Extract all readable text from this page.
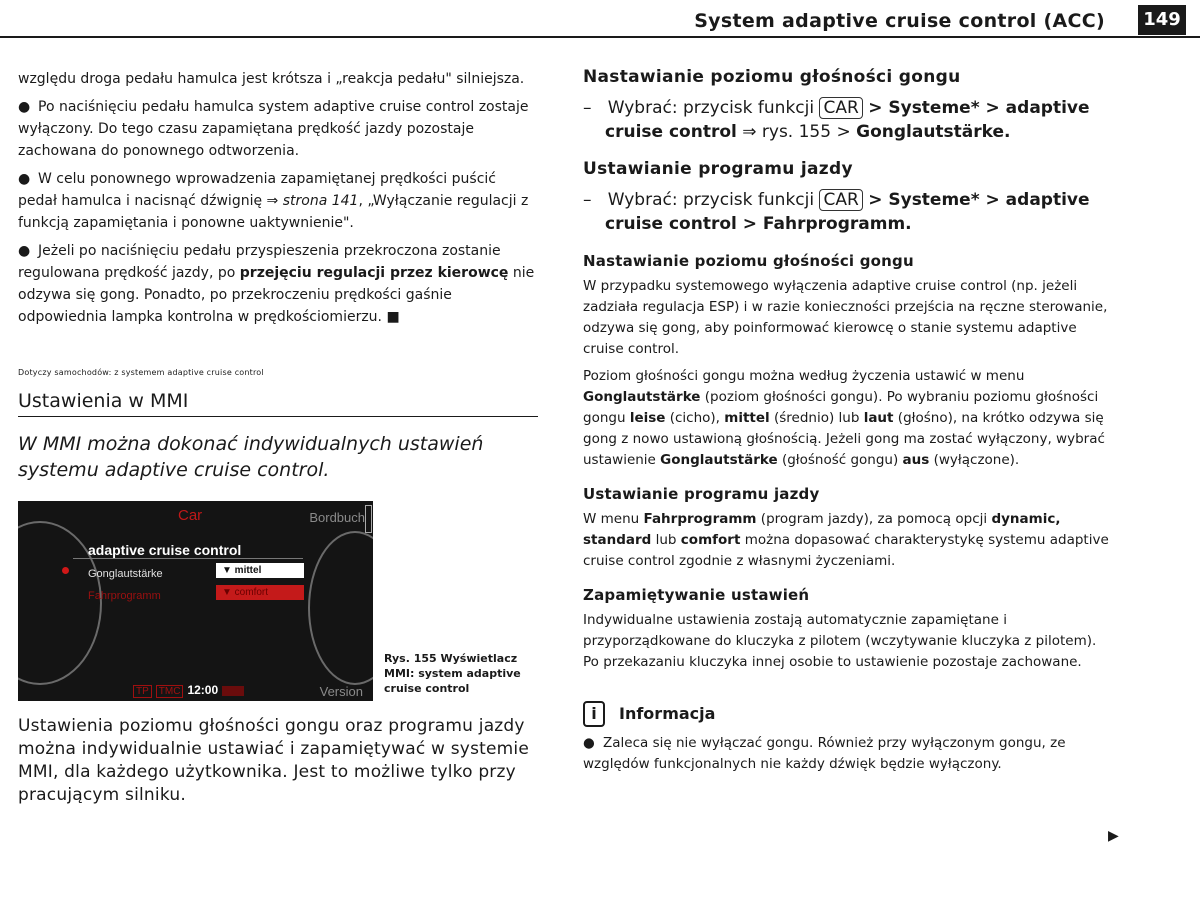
System adaptive cruise control (ACC) 149

względu droga pedału hamulca jest krótsza i „reakcja pedału" silniejsza.

● Po naciśnięciu pedału hamulca system adaptive cruise control zostaje wyłączony. Do tego czasu zapamiętana prędkość jazdy pozostaje zachowana do ponownego odtworzenia.

● W celu ponownego wprowadzenia zapamiętanej prędkości puścić pedał hamulca i nacisnąć dźwignię ⇒ strona 141, „Wyłączanie regulacji z funkcją zapamiętania i ponowne uaktywnienie".

● Jeżeli po naciśnięciu pedału przyspieszenia przekroczona zostanie regulowana prędkość jazdy, po przejęciu regulacji przez kierowcę nie odzywa się gong. Ponadto, po przekroczeniu prędkości gaśnie odpowiednia lampka kontrolna w prędkościomierzu. ■

Dotyczy samochodów: z systemem adaptive cruise control
Ustawienia w MMI
W MMI można dokonać indywidualnych ustawień systemu adaptive cruise control.
Car	Bordbuch
adaptive cruise control
Gonglautstärke	▼ mittel
Fahrprogramm	▼ comfort
TP TMC 12:00	Version
Rys. 155 Wyświetlacz MMI: system adaptive cruise control
Ustawienia poziomu głośności gongu oraz programu jazdy można indywidualnie ustawiać i zapamiętywać w systemie MMI, dla każdego użytkownika. Jest to możliwe tylko przy pracującym silniku.
Nastawianie poziomu głośności gongu
–   Wybrać: przycisk funkcji CAR > Systeme* > adaptive cruise control ⇒ rys. 155 > Gonglautstärke.
Ustawianie programu jazdy
–   Wybrać: przycisk funkcji CAR > Systeme* > adaptive cruise control > Fahrprogramm.
Nastawianie poziomu głośności gongu

W przypadku systemowego wyłączenia adaptive cruise control (np. jeżeli zadziała regulacja ESP) i w razie konieczności przejścia na ręczne sterowanie, odzywa się gong, aby poinformować kierowcę o stanie systemu adaptive cruise control.

Poziom głośności gongu można według życzenia ustawić w menu Gonglautstärke (poziom głośności gongu). Po wybraniu poziomu głośności gongu leise (cicho), mittel (średnio) lub laut (głośno), na krótko odzywa się gong z nowo ustawioną głośnością. Jeżeli gong ma zostać wyłączony, wybrać ustawienie Gonglautstärke (głośność gongu) aus (wyłączone).

Ustawianie programu jazdy

W menu Fahrprogramm (program jazdy), za pomocą opcji dynamic, standard lub comfort można dopasować charakterystykę systemu adaptive cruise control zgodnie z własnymi życzeniami.

Zapamiętywanie ustawień

Indywidualne ustawienia zostają automatycznie zapamiętane i przyporządkowane do kluczyka z pilotem (wczytywanie kluczyka z pilotem). Po przekazaniu kluczyka innej osobie to ustawienie pozostaje zachowane.

i	Informacja

● Zaleca się nie wyłączać gongu. Również przy wyłączonym gongu, ze względów funkcjonalnych nie każdy dźwięk będzie wyłączony.

▶
